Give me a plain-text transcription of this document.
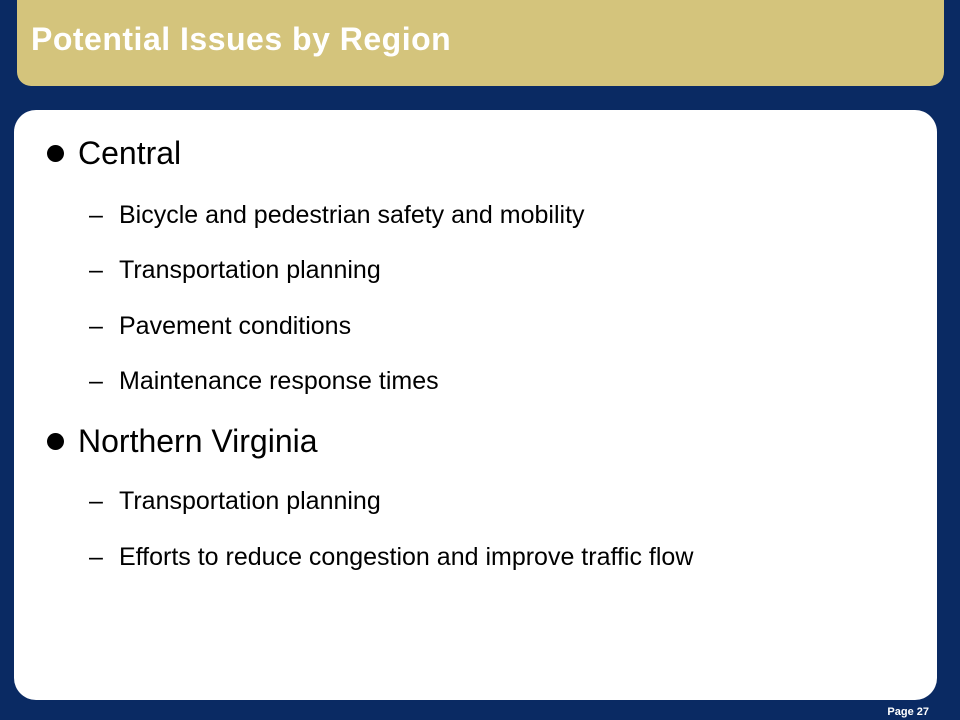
Potential Issues by Region
Central
– Bicycle and pedestrian safety and mobility
– Transportation planning
– Pavement conditions
– Maintenance response times
Northern Virginia
– Transportation planning
– Efforts to reduce congestion and improve traffic flow
Page 27
